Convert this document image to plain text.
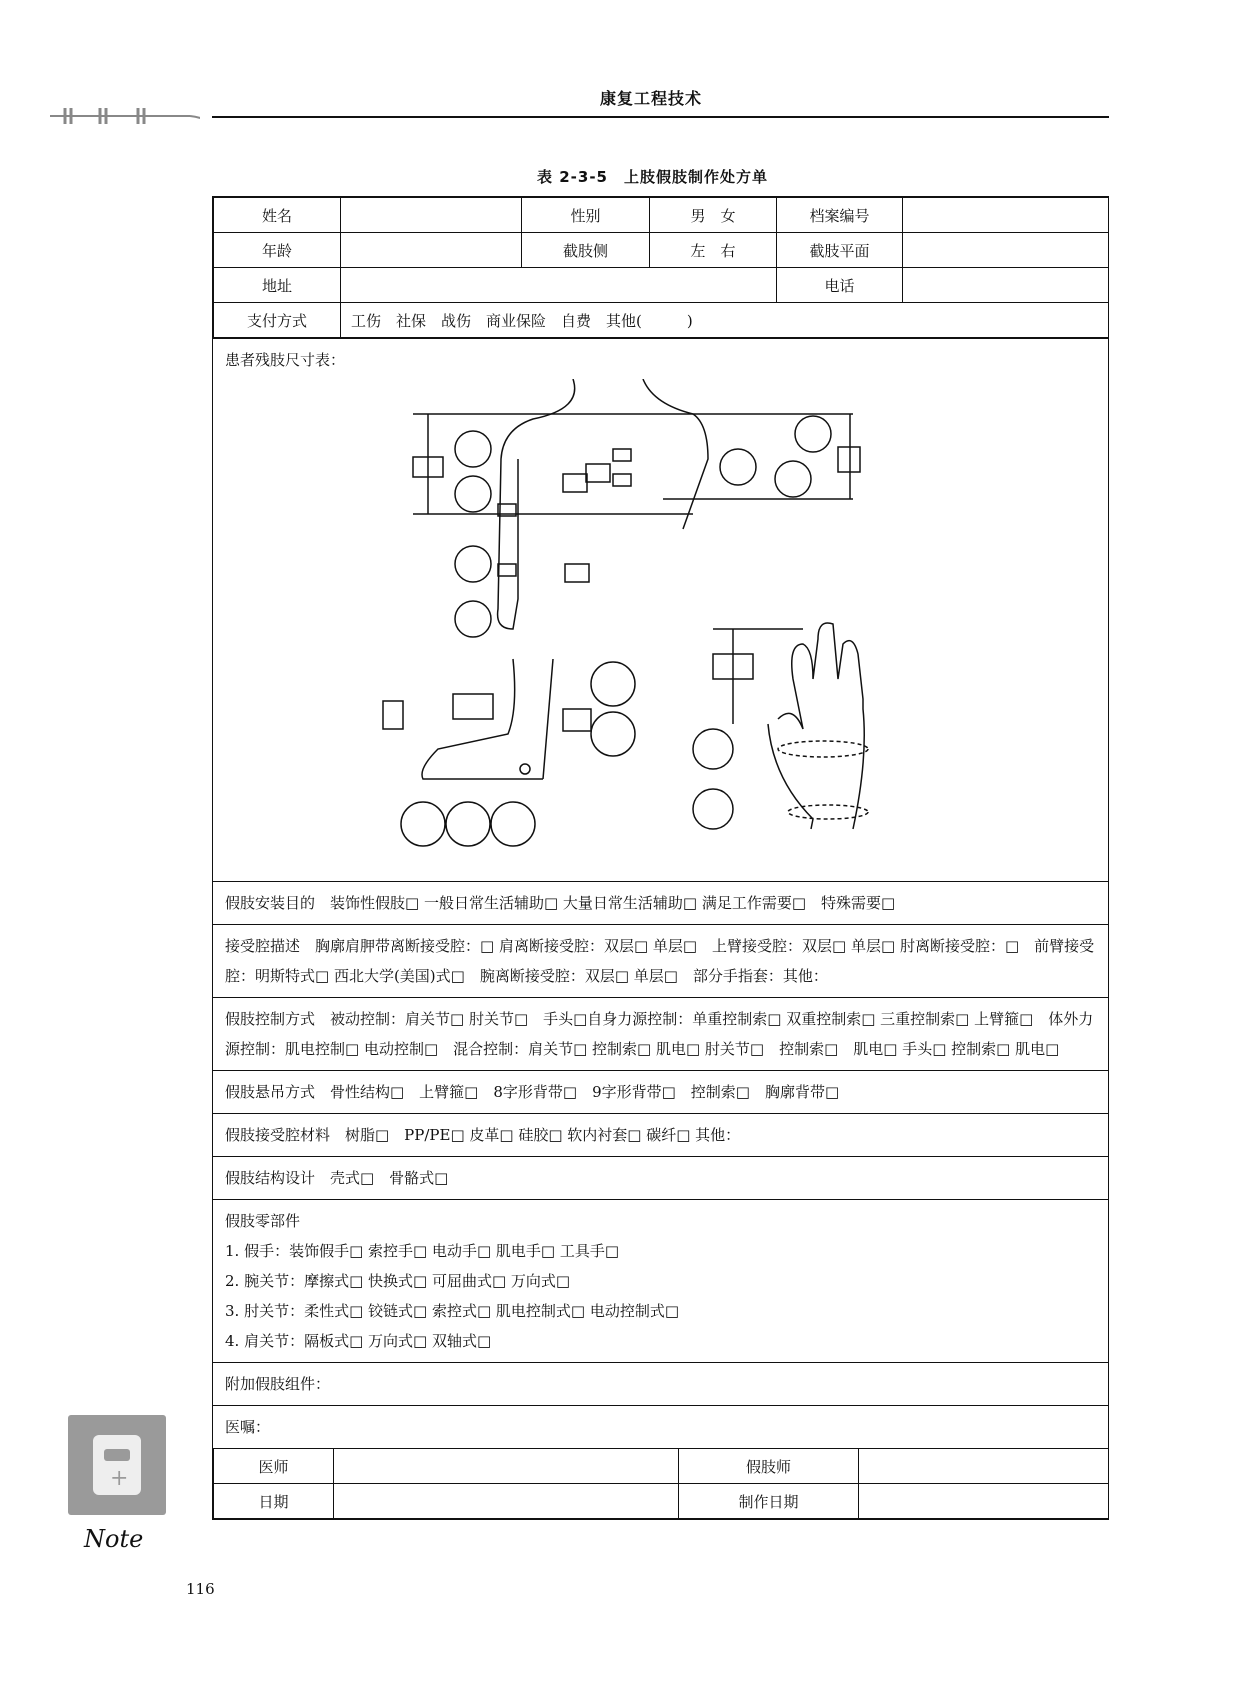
康复工程技术
表 2-3-5　上肢假肢制作处方单
姓名		性别	男　女	档案编号	
年龄		截肢侧	左　右	截肢平面	
地址				电话	
支付方式	工伤　社保　战伤　商业保险　自费　其他(　　　)				
患者残肢尺寸表：
假肢安装目的　装饰性假肢□ 一般日常生活辅助□ 大量日常生活辅助□ 满足工作需要□　特殊需要□
接受腔描述　胸廓肩胛带离断接受腔：□ 肩离断接受腔：双层□ 单层□　上臂接受腔：双层□ 单层□ 肘离断接受腔：□　前臂接受腔：明斯特式□ 西北大学(美国)式□　腕离断接受腔：双层□ 单层□　部分手指套：其他：
假肢控制方式　被动控制：肩关节□ 肘关节□　手头□自身力源控制：单重控制索□ 双重控制索□ 三重控制索□ 上臂箍□　体外力源控制：肌电控制□ 电动控制□　混合控制：肩关节□ 控制索□ 肌电□ 肘关节□　控制索□　肌电□ 手头□ 控制索□ 肌电□
假肢悬吊方式　骨性结构□　上臂箍□　8字形背带□　9字形背带□　控制索□　胸廓背带□
假肢接受腔材料　树脂□　PP/PE□ 皮革□ 硅胶□ 软内衬套□ 碳纤□ 其他：
假肢结构设计　壳式□　骨骼式□
假肢零部件
1. 假手：装饰假手□ 索控手□ 电动手□ 肌电手□ 工具手□
2. 腕关节：摩擦式□ 快换式□ 可屈曲式□ 万向式□
3. 肘关节：柔性式□ 铰链式□ 索控式□ 肌电控制式□ 电动控制式□
4. 肩关节：隔板式□ 万向式□ 双轴式□
附加假肢组件：
医嘱：
医师		假肢师	
日期		制作日期	
+
Note
116
